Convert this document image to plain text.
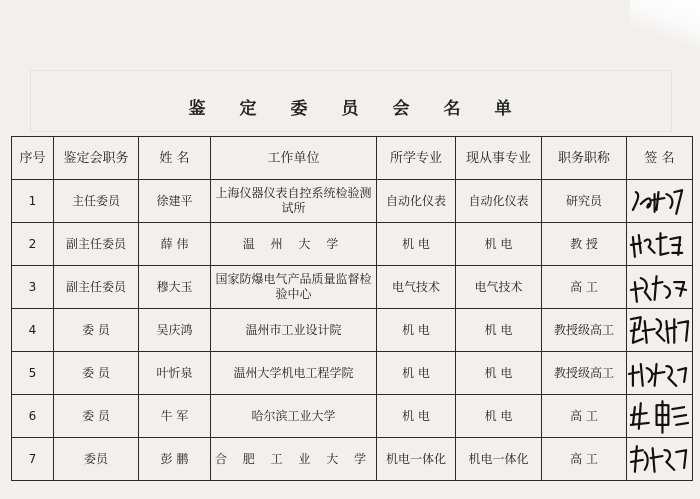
鉴 定 委 员 会 名 单
序号	鉴定会职务	姓 名	工作单位	所学专业	现从事专业	职务职称	签 名
1	主任委员	徐建平	上海仪器仪表自控系统检验测试所	自动化仪表	自动化仪表	研究员	

2	副主任委员	薛 伟	温 州 大 学	机 电	机 电	教 授	

3	副主任委员	穆大玉	国家防爆电气产品质量监督检验中心	电气技术	电气技术	高 工	

4	委 员	吴庆鸿	温州市工业设计院	机 电	机 电	教授级高工	

5	委 员	叶忻泉	温州大学机电工程学院	机 电	机 电	教授级高工	

6	委 员	牛 军	哈尔滨工业大学	机 电	机 电	高 工	

7	委员	彭 鹏	合 肥 工 业 大 学	机电一体化	机电一体化	高 工	
